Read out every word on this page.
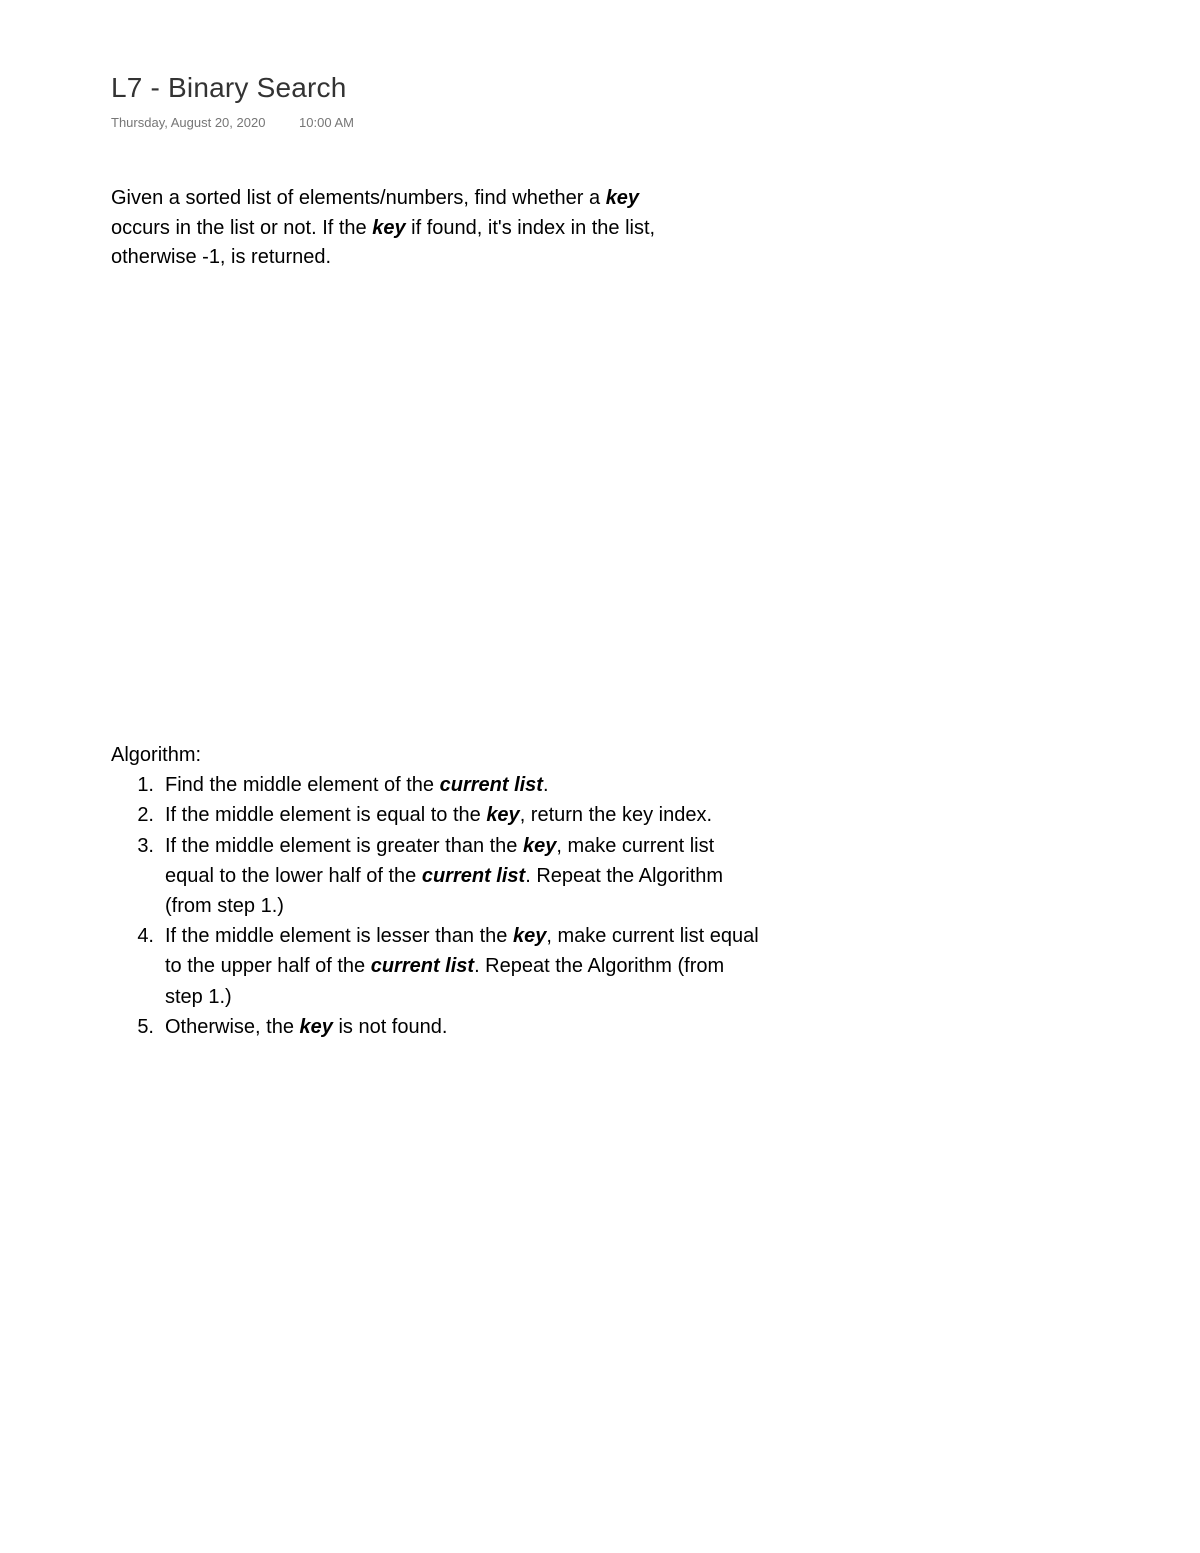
L7 - Binary Search
Thursday, August 20, 2020	10:00 AM
Given a sorted list of elements/numbers, find whether a key
occurs in the list or not. If the key if found, it's index in the list,
otherwise -1, is returned.
Algorithm:
1. Find the middle element of the current list.
2. If the middle element is equal to the key, return the key index.
3. If the middle element is greater than the key, make current list
equal to the lower half of the current list. Repeat the Algorithm
(from step 1.)
4. If the middle element is lesser than the key, make current list equal
to the upper half of the current list. Repeat the Algorithm (from
step 1.)
5. Otherwise, the key is not found.
